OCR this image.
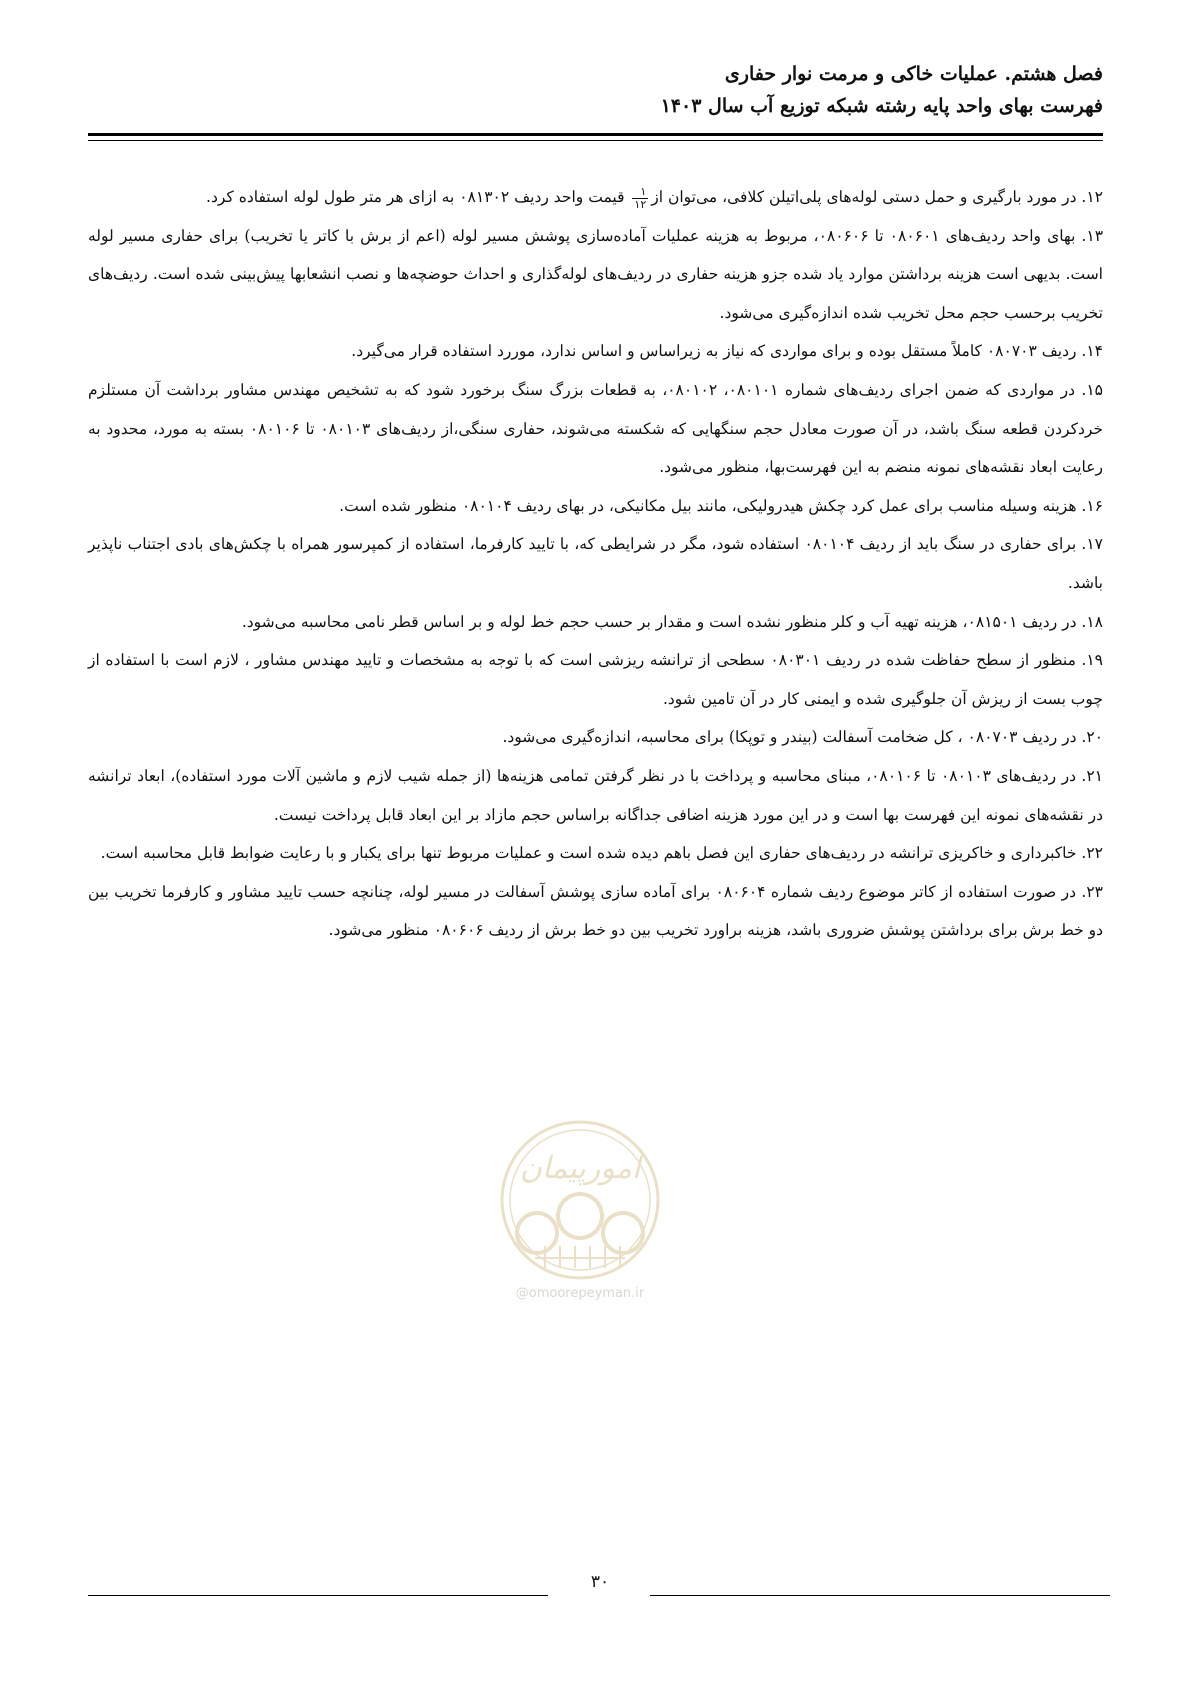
فصل هشتم. عملیات خاکی و مرمت نوار حفاری
فهرست بهای واحد پایه رشته شبکه توزیع آب سال ۱۴۰۳

۱۲. در مورد بارگیری و حمل دستی لوله‌های پلی‌اتیلن کلافی، می‌توان از
$\frac{۱}{۱۲}$
قیمت واحد ردیف ۰۸۱۳۰۲ به ازای هر متر طول لوله استفاده کرد.

۱۳. بهای واحد ردیف‌های ۰۸۰۶۰۱ تا ۰۸۰۶۰۶، مربوط به هزینه عملیات آماده‌سازی پوشش مسیر لوله (اعم از برش با کاتر یا تخریب) برای حفاری مسیر لوله است. بدیهی است هزینه برداشتن موارد یاد شده جزو هزینه حفاری در ردیف‌های لوله‌گذاری و احداث حوضچه‌ها و نصب انشعابها پیش‌بینی شده است. ردیف‌های تخریب برحسب حجم محل تخریب شده اندازه‌گیری می‌شود.

۱۴. ردیف ۰۸۰۷۰۳ کاملاً مستقل بوده و برای مواردی که نیاز به زیراساس و اساس ندارد، موررد استفاده قرار می‌گیرد.

۱۵. در مواردی که ضمن اجرای ردیف‌های شماره ۰۸۰۱۰۱، ۰۸۰۱۰۲، به قطعات بزرگ سنگ برخورد شود که به تشخیص مهندس مشاور برداشت آن مستلزم خردکردن قطعه سنگ باشد، در آن صورت معادل حجم سنگهایی که شکسته می‌شوند، حفاری سنگی،از ردیف‌های ۰۸۰۱۰۳ تا ۰۸۰۱۰۶ بسته به مورد، محدود به رعایت ابعاد نقشه‌های نمونه منضم به این فهرست‌بها، منظور می‌شود.

۱۶. هزینه وسیله مناسب برای عمل کرد چکش هیدرولیکی، مانند بیل مکانیکی، در بهای ردیف ۰۸۰۱۰۴ منظور شده است.

۱۷. برای حفاری در سنگ باید از ردیف ۰۸۰۱۰۴ استفاده شود، مگر در شرایطی که، با تایید کارفرما، استفاده از کمپرسور همراه با چکش‌های بادی اجتناب ناپذیر باشد.

۱۸. در ردیف ۰۸۱۵۰۱، هزینه تهیه آب و کلر منظور نشده است و مقدار بر حسب حجم خط لوله و بر اساس قطر نامی محاسبه می‌شود.

۱۹. منظور از سطح حفاظت شده در ردیف ۰۸۰۳۰۱ سطحی از ترانشه ریزشی است که با توجه به مشخصات و تایید مهندس مشاور ، لازم است با استفاده از چوب بست از ریزش آن جلوگیری شده و ایمنی کار در آن تامین شود.

۲۰. در ردیف ۰۸۰۷۰۳ ، کل ضخامت آسفالت (بیندر و توپکا) برای محاسبه، اندازه‌گیری می‌شود.

۲۱. در ردیف‌های ۰۸۰۱۰۳ تا ۰۸۰۱۰۶، مبنای محاسبه و پرداخت با در نظر گرفتن تمامی هزینه‌ها (از جمله شیب لازم و ماشین آلات مورد استفاده)، ابعاد ترانشه در نقشه‌های نمونه این فهرست بها است و در این مورد هزینه اضافی جداگانه براساس حجم مازاد بر این ابعاد قابل پرداخت نیست.

۲۲. خاکبرداری و خاکریزی ترانشه در ردیف‌های حفاری این فصل باهم دیده شده است و عملیات مربوط تنها برای یکبار و با رعایت ضوابط قابل محاسبه است.

۲۳. در صورت استفاده از کاتر موضوع ردیف شماره ۰۸۰۶۰۴ برای آماده سازی پوشش آسفالت در مسیر لوله، چنانچه حسب تایید مشاور و کارفرما تخریب بین دو خط برش برای برداشتن پوشش ضروری باشد، هزینه براورد تخریب بین دو خط برش از ردیف ۰۸۰۶۰۶ منظور می‌شود.

امورپیمان
@omoorepeyman.ir
۳۰
